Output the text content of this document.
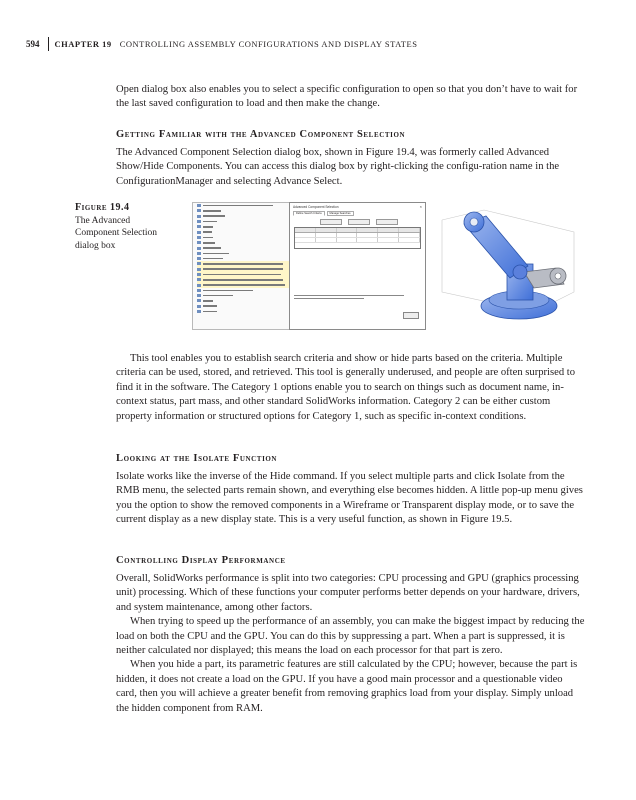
594 CHAPTER 19 CONTROLLING ASSEMBLY CONFIGURATIONS AND DISPLAY STATES

Open dialog box also enables you to select a specific configuration to open so that you don’t have to wait for the last saved configuration to load and then make the change.

Getting Familiar with the Advanced Component Selection

The Advanced Component Selection dialog box, shown in Figure 19.4, was formerly called Advanced Show/Hide Components. You can access this dialog box by right-clicking the configu-ration name in the ConfigurationManager and selecting Advance Select.

Figure 19.4
The Advanced Component Selection dialog box
Advanced Component Selection	×
Define Search Criteria	Manage Searches

This tool enables you to establish search criteria and show or hide parts based on the criteria. Multiple criteria can be used, stored, and retrieved. This tool is generally underused, and people are often surprised to find it in the software. The Category 1 options enable you to search on things such as document name, in-context status, part mass, and other standard SolidWorks information. Category 2 can be either custom property information or structured options for Category 1, such as specific in-context conditions.

Looking at the Isolate Function

Isolate works like the inverse of the Hide command. If you select multiple parts and click Isolate from the RMB menu, the selected parts remain shown, and everything else becomes hidden. A little pop-up menu gives you the option to show the removed components in a Wireframe or Transparent display mode, or to save the current display as a new display state. This is a very useful function, as shown in Figure 19.5.

Controlling Display Performance

Overall, SolidWorks performance is split into two categories: CPU processing and GPU (graphics processing unit) processing. Which of these functions your computer performs better depends on your hardware, drivers, and system maintenance, among other factors.

When trying to speed up the performance of an assembly, you can make the biggest impact by reducing the load on both the CPU and the GPU. You can do this by suppressing a part. When a part is suppressed, it is neither calculated nor displayed; this means the load on each processor for that part is zero.

When you hide a part, its parametric features are still calculated by the CPU; however, because the part is hidden, it does not create a load on the GPU. If you have a good main processor and a questionable video card, then you will achieve a greater benefit from removing graphics load from your display. Simply unload the hidden component from RAM.
